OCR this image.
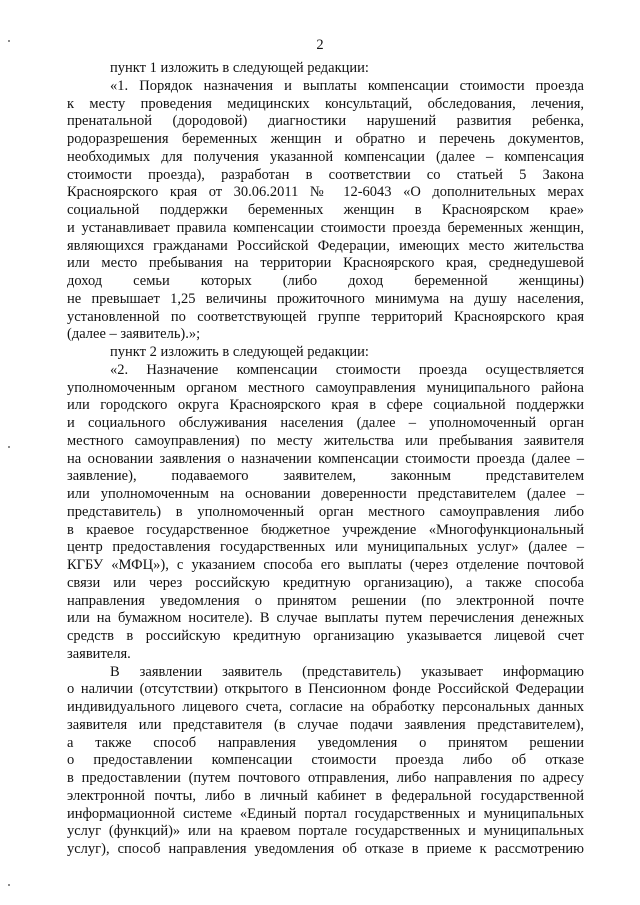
2
пункт 1 изложить в следующей редакции:
«1. Порядок назначения и выплаты компенсации стоимости проезда
к месту проведения медицинских консультаций, обследования, лечения,
пренатальной (дородовой) диагностики нарушений развития ребенка,
родоразрешения беременных женщин и обратно и перечень документов,
необходимых для получения указанной компенсации (далее – компенсация
стоимости проезда), разработан в соответствии со статьей 5 Закона
Красноярского края от 30.06.2011 № 12-6043 «О дополнительных мерах
социальной поддержки беременных женщин в Красноярском крае»
и устанавливает правила компенсации стоимости проезда беременных женщин,
являющихся гражданами Российской Федерации, имеющих место жительства
или место пребывания на территории Красноярского края, среднедушевой
доход семьи которых (либо доход беременной женщины)
не превышает 1,25 величины прожиточного минимума на душу населения,
установленной по соответствующей группе территорий Красноярского края
(далее – заявитель).»;
пункт 2 изложить в следующей редакции:
«2. Назначение компенсации стоимости проезда осуществляется
уполномоченным органом местного самоуправления муниципального района
или городского округа Красноярского края в сфере социальной поддержки
и социального обслуживания населения (далее – уполномоченный орган
местного самоуправления) по месту жительства или пребывания заявителя
на основании заявления о назначении компенсации стоимости проезда (далее –
заявление), подаваемого заявителем, законным представителем
или уполномоченным на основании доверенности представителем (далее –
представитель) в уполномоченный орган местного самоуправления либо
в краевое государственное бюджетное учреждение «Многофункциональный
центр предоставления государственных или муниципальных услуг» (далее –
КГБУ «МФЦ»), с указанием способа его выплаты (через отделение почтовой
связи или через российскую кредитную организацию), а также способа
направления уведомления о принятом решении (по электронной почте
или на бумажном носителе). В случае выплаты путем перечисления денежных
средств в российскую кредитную организацию указывается лицевой счет
заявителя.
В заявлении заявитель (представитель) указывает информацию
о наличии (отсутствии) открытого в Пенсионном фонде Российской Федерации
индивидуального лицевого счета, согласие на обработку персональных данных
заявителя или представителя (в случае подачи заявления представителем),
а также способ направления уведомления о принятом решении
о предоставлении компенсации стоимости проезда либо об отказе
в предоставлении (путем почтового отправления, либо направления по адресу
электронной почты, либо в личный кабинет в федеральной государственной
информационной системе «Единый портал государственных и муниципальных
услуг (функций)» или на краевом портале государственных и муниципальных
услуг), способ направления уведомления об отказе в приеме к рассмотрению
